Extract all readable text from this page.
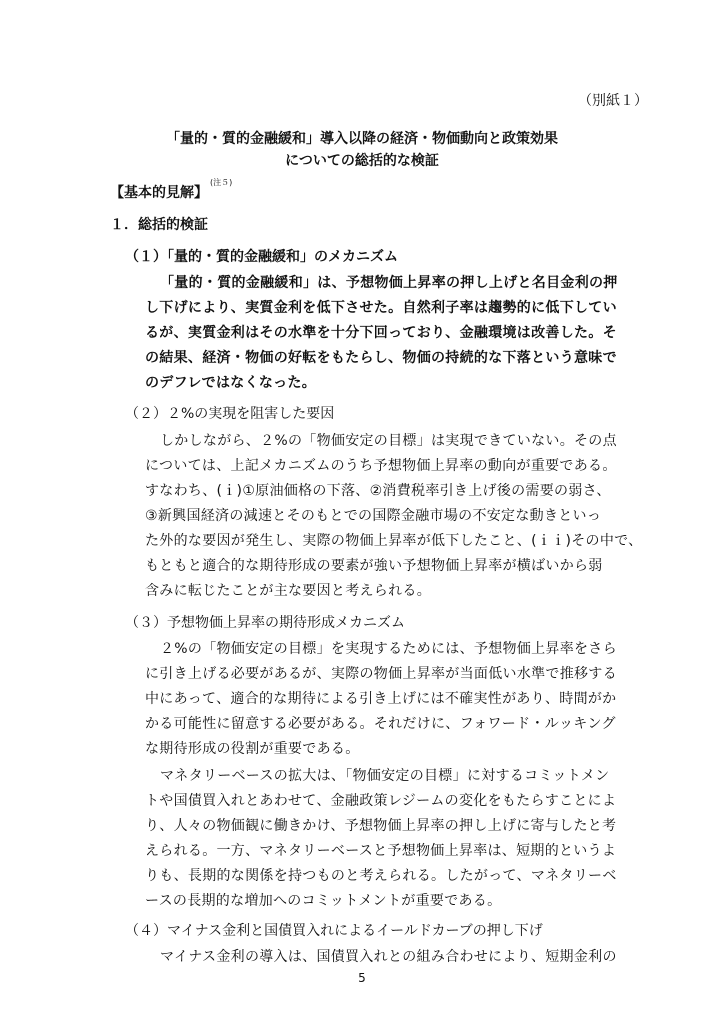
（別紙１）
「量的・質的金融緩和」導入以降の経済・物価動向と政策効果
についての総括的な検証
【基本的見解】$^{(注5)}$
１．総括的検証
（１）「量的・質的金融緩和」のメカニズム
「量的・質的金融緩和」は、予想物価上昇率の押し上げと名目金利の押
し下げにより、実質金利を低下させた。自然利子率は趨勢的に低下してい
るが、実質金利はその水準を十分下回っており、金融環境は改善した。そ
の結果、経済・物価の好転をもたらし、物価の持続的な下落という意味で
のデフレではなくなった。
（２）２%の実現を阻害した要因
しかしながら、２%の「物価安定の目標」は実現できていない。その点
については、上記メカニズムのうち予想物価上昇率の動向が重要である。
すなわち、(ｉ)①原油価格の下落、②消費税率引き上げ後の需要の弱さ、
③新興国経済の減速とそのもとでの国際金融市場の不安定な動きといっ
た外的な要因が発生し、実際の物価上昇率が低下したこと、(ｉｉ)その中で、
もともと適合的な期待形成の要素が強い予想物価上昇率が横ばいから弱
含みに転じたことが主な要因と考えられる。
（３）予想物価上昇率の期待形成メカニズム
２%の「物価安定の目標」を実現するためには、予想物価上昇率をさら
に引き上げる必要があるが、実際の物価上昇率が当面低い水準で推移する
中にあって、適合的な期待による引き上げには不確実性があり、時間がか
かる可能性に留意する必要がある。それだけに、フォワード・ルッキング
な期待形成の役割が重要である。
マネタリーベースの拡大は、「物価安定の目標」に対するコミットメン
トや国債買入れとあわせて、金融政策レジームの変化をもたらすことによ
り、人々の物価観に働きかけ、予想物価上昇率の押し上げに寄与したと考
えられる。一方、マネタリーベースと予想物価上昇率は、短期的というよ
りも、長期的な関係を持つものと考えられる。したがって、マネタリーベ
ースの長期的な増加へのコミットメントが重要である。
（４）マイナス金利と国債買入れによるイールドカーブの押し下げ
マイナス金利の導入は、国債買入れとの組み合わせにより、短期金利の
5
